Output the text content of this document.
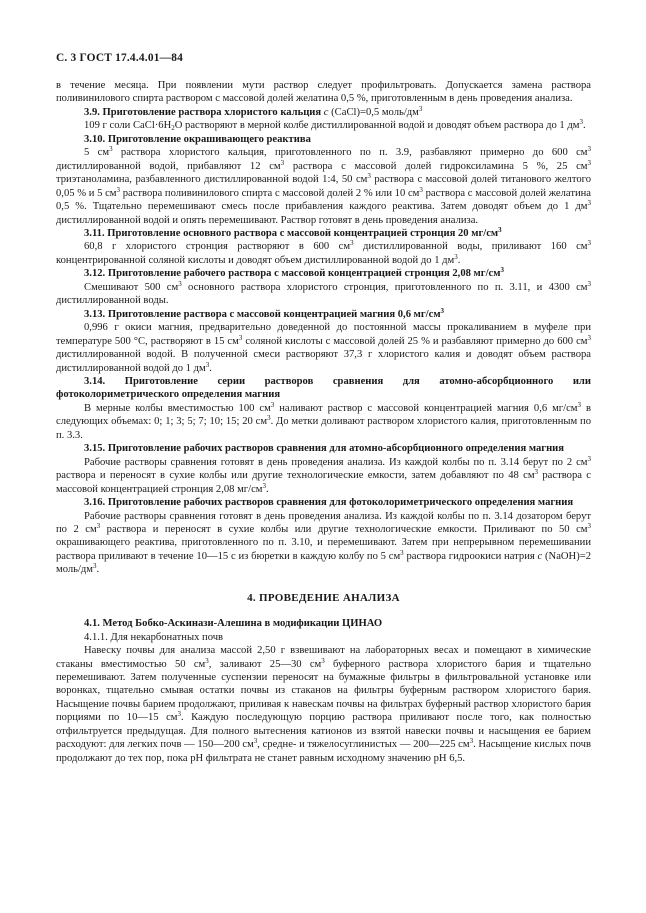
С. 3 ГОСТ 17.4.4.01—84

в течение месяца. При появлении мути раствор следует профильтровать. Допускается замена раствора поливинилового спирта раствором с массовой долей желатина 0,5 %, приготовленным в день проведения анализа.

3.9. Приготовление раствора хлористого кальция c (CaCl)=0,5 моль/$дм^3$

109 г соли $CaCl\cdot 6H_2O$ растворяют в мерной колбе дистиллированной водой и доводят объем раствора до 1 $дм^3$.

3.10. Приготовление окрашивающего реактива

5 $см^3$ раствора хлористого кальция, приготовленного по п. 3.9, разбавляют примерно до 600 $см^3$ дистиллированной водой, прибавляют 12 $см^3$ раствора с массовой долей гидроксиламина 5 %, 25 $см^3$ триэтаноламина, разбавленного дистиллированной водой 1:4, 50 $см^3$ раствора с массовой долей титанового желтого 0,05 % и 5 $см^3$ раствора поливинилового спирта с массовой долей 2 % или 10 $см^3$ раствора с массовой долей желатина 0,5 %. Тщательно перемешивают смесь после прибавления каждого реактива. Затем доводят объем до 1 $дм^3$ дистиллированной водой и опять перемешивают. Раствор готовят в день проведения анализа.

3.11. Приготовление основного раствора с массовой концентрацией стронция 20 $мг/см^3$

60,8 г хлористого стронция растворяют в 600 $см^3$ дистиллированной воды, приливают 160 $см^3$ концентрированной соляной кислоты и доводят объем дистиллированной водой до 1 $дм^3$.

3.12. Приготовление рабочего раствора с массовой концентрацией стронция 2,08 $мг/см^3$

Смешивают 500 $см^3$ основного раствора хлористого стронция, приготовленного по п. 3.11, и 4300 $см^3$ дистиллированной воды.

3.13. Приготовление раствора с массовой концентрацией магния 0,6 $мг/см^3$

0,996 г окиси магния, предварительно доведенной до постоянной массы прокаливанием в муфеле при температуре 500 °С, растворяют в 15 $см^3$ соляной кислоты с массовой долей 25 % и разбавляют примерно до 600 $см^3$ дистиллированной водой. В полученной смеси растворяют 37,3 г хлористого калия и доводят объем раствора дистиллированной водой до 1 $дм^3$.

3.14. Приготовление серии растворов сравнения для атомно-абсорбционного или фотоколориметрического определения магния

В мерные колбы вместимостью 100 $см^3$ наливают раствор с массовой концентрацией магния 0,6 $мг/см^3$ в следующих объемах: 0; 1; 3; 5; 7; 10; 15; 20 $см^3$. До метки доливают раствором хлористого калия, приготовленным по п. 3.3.

3.15. Приготовление рабочих растворов сравнения для атомно-абсорбционного определения магния

Рабочие растворы сравнения готовят в день проведения анализа. Из каждой колбы по п. 3.14 берут по 2 $см^3$ раствора и переносят в сухие колбы или другие технологические емкости, затем добавляют по 48 $см^3$ раствора с массовой концентрацией стронция 2,08 $мг/см^3$.

3.16. Приготовление рабочих растворов сравнения для фотоколориметрического определения магния

Рабочие растворы сравнения готовят в день проведения анализа. Из каждой колбы по п. 3.14 дозатором берут по 2 $см^3$ раствора и переносят в сухие колбы или другие технологические емкости. Приливают по 50 $см^3$ окрашивающего реактива, приготовленного по п. 3.10, и перемешивают. Затем при непрерывном перемешивании раствора приливают в течение 10—15 с из бюретки в каждую колбу по 5 $см^3$ раствора гидроокиси натрия c (NaOH)=2 моль/$дм^3$.

4. ПРОВЕДЕНИЕ АНАЛИЗА

4.1. Метод Бобко-Аскинази-Алешина в модификации ЦИНАО

4.1.1. Для некарбонатных почв

Навеску почвы для анализа массой 2,50 г взвешивают на лабораторных весах и помещают в химические стаканы вместимостью 50 $см^3$, заливают 25—30 $см^3$ буферного раствора хлористого бария и тщательно перемешивают. Затем полученные суспензии переносят на бумажные фильтры в фильтровальной установке или воронках, тщательно смывая остатки почвы из стаканов на фильтры буферным раствором хлористого бария. Насыщение почвы барием продолжают, приливая к навескам почвы на фильтрах буферный раствор хлористого бария порциями по 10—15 $см^3$. Каждую последующую порцию раствора приливают после того, как полностью отфильтруется предыдущая. Для полного вытеснения катионов из взятой навески почвы и насыщения ее барием расходуют: для легких почв — 150—200 $см^3$, средне- и тяжелосуглинистых — 200—225 $см^3$. Насыщение кислых почв продолжают до тех пор, пока pH фильтрата не станет равным исходному значению pH 6,5.
